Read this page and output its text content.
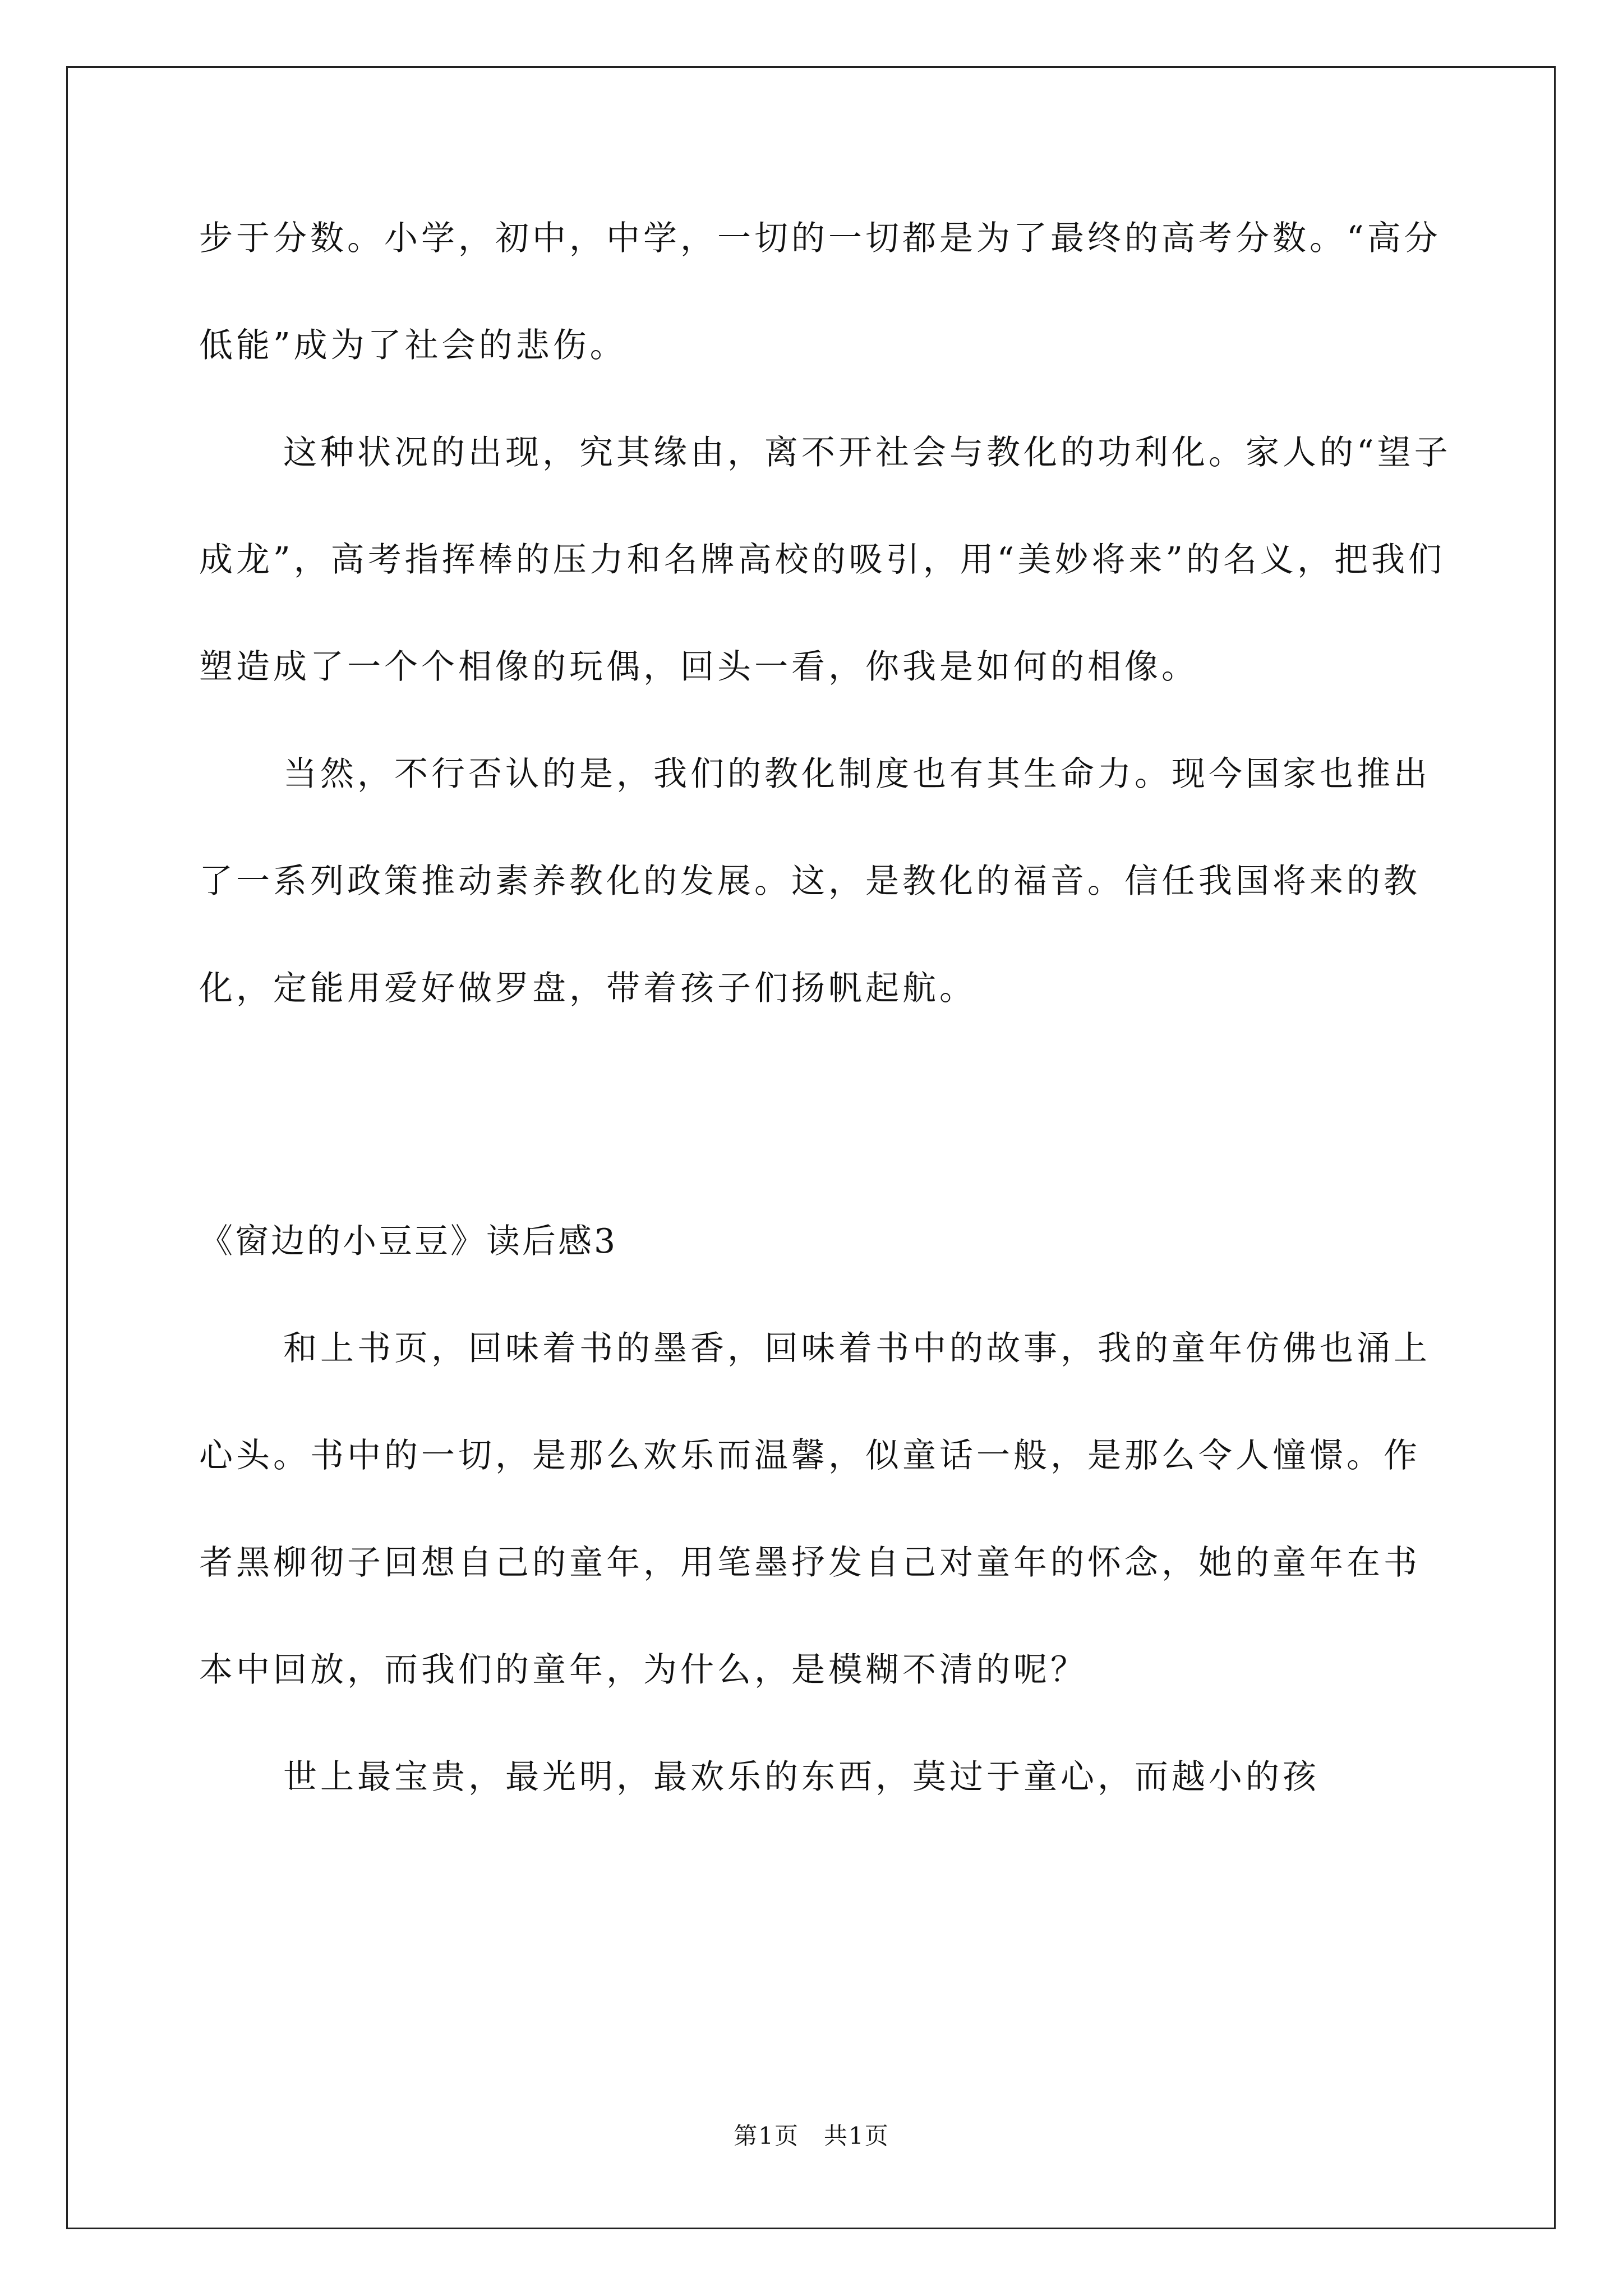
步于分数。小学，初中，中学，一切的一切都是为了最终的高考分数。“高分低能”成为了社会的悲伤。

这种状况的出现，究其缘由，离不开社会与教化的功利化。家人的“望子成龙”，高考指挥棒的压力和名牌高校的吸引，用“美妙将来”的名义，把我们塑造成了一个个相像的玩偶，回头一看，你我是如何的相像。

当然，不行否认的是，我们的教化制度也有其生命力。现今国家也推出了一系列政策推动素养教化的发展。这，是教化的福音。信任我国将来的教化，定能用爱好做罗盘，带着孩子们扬帆起航。

《窗边的小豆豆》读后感3

和上书页，回味着书的墨香，回味着书中的故事，我的童年仿佛也涌上心头。书中的一切，是那么欢乐而温馨，似童话一般，是那么令人憧憬。作者黑柳彻子回想自己的童年，用笔墨抒发自己对童年的怀念，她的童年在书本中回放，而我们的童年，为什么，是模糊不清的呢？

世上最宝贵，最光明，最欢乐的东西，莫过于童心，而越小的孩

第1页　共1页
